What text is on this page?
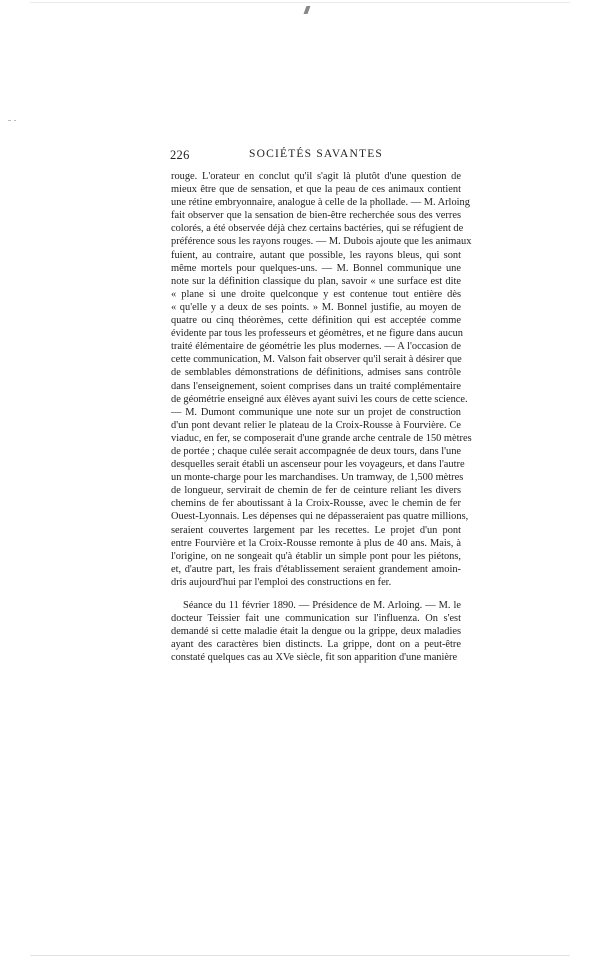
226	SOCIÉTÉS SAVANTES

rouge. L'orateur en conclut qu'il s'agit là plutôt d'une question de
mieux être que de sensation, et que la peau de ces animaux contient
une rétine embryonnaire, analogue à celle de la phollade. — M. Arloing
fait observer que la sensation de bien-être recherchée sous des verres
colorés, a été observée déjà chez certains bactéries, qui se réfugient de
préférence sous les rayons rouges. — M. Dubois ajoute que les animaux
fuient, au contraire, autant que possible, les rayons bleus, qui sont
même mortels pour quelques-uns. — M. Bonnel communique une
note sur la définition classique du plan, savoir « une surface est dite
« plane si une droite quelconque y est contenue tout entière dès
« qu'elle y a deux de ses points. » M. Bonnel justifie, au moyen de
quatre ou cinq théorèmes, cette définition qui est acceptée comme
évidente par tous les professeurs et géomètres, et ne figure dans aucun
traité élémentaire de géométrie les plus modernes. — A l'occasion de
cette communication, M. Valson fait observer qu'il serait à désirer que
de semblables démonstrations de définitions, admises sans contrôle
dans l'enseignement, soient comprises dans un traité complémentaire
de géométrie enseigné aux élèves ayant suivi les cours de cette science.
— M. Dumont communique une note sur un projet de construction
d'un pont devant relier le plateau de la Croix-Rousse à Fourvière. Ce
viaduc, en fer, se composerait d'une grande arche centrale de 150 mètres
de portée ; chaque culée serait accompagnée de deux tours, dans l'une
desquelles serait établi un ascenseur pour les voyageurs, et dans l'autre
un monte-charge pour les marchandises. Un tramway, de 1,500 mètres
de longueur, servirait de chemin de fer de ceinture reliant les divers
chemins de fer aboutissant à la Croix-Rousse, avec le chemin de fer
Ouest-Lyonnais. Les dépenses qui ne dépasseraient pas quatre millions,
seraient couvertes largement par les recettes. Le projet d'un pont
entre Fourvière et la Croix-Rousse remonte à plus de 40 ans. Mais, à
l'origine, on ne songeait qu'à établir un simple pont pour les piétons,
et, d'autre part, les frais d'établissement seraient grandement amoin-
dris aujourd'hui par l'emploi des constructions en fer.

Séance du 11 février 1890. — Présidence de M. Arloing. — M. le
docteur Teissier fait une communication sur l'influenza. On s'est
demandé si cette maladie était la dengue ou la grippe, deux maladies
ayant des caractères bien distincts. La grippe, dont on a peut-être
constaté quelques cas au XVe siècle, fit son apparition d'une manière
